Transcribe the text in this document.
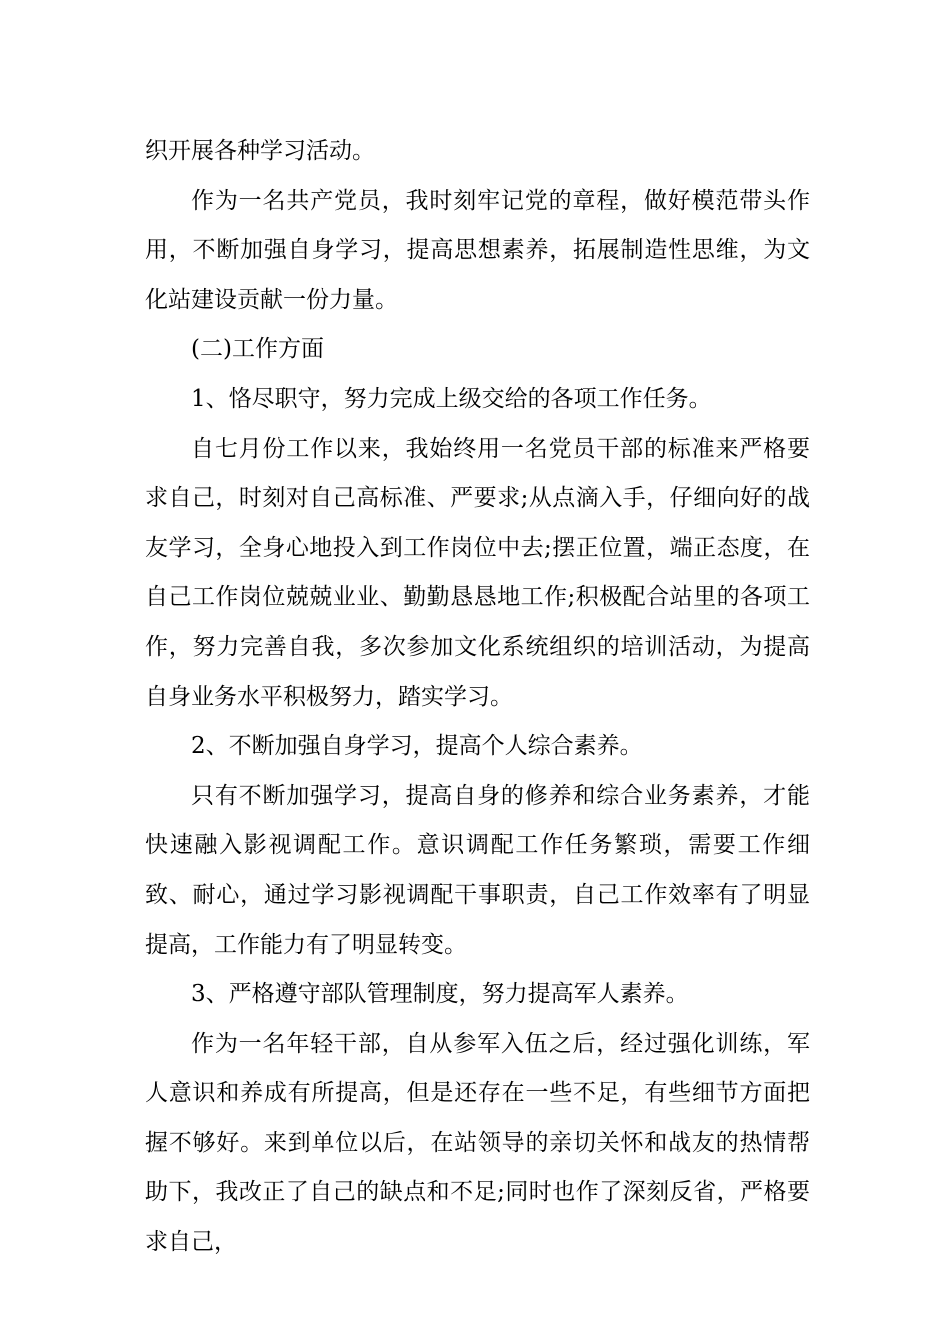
织开展各种学习活动。

作为一名共产党员，我时刻牢记党的章程，做好模范带头作用，不断加强自身学习，提高思想素养，拓展制造性思维，为文化站建设贡献一份力量。

(二)工作方面

1、恪尽职守，努力完成上级交给的各项工作任务。

自七月份工作以来，我始终用一名党员干部的标准来严格要求自己，时刻对自己高标准、严要求;从点滴入手，仔细向好的战友学习，全身心地投入到工作岗位中去;摆正位置，端正态度，在自己工作岗位兢兢业业、勤勤恳恳地工作;积极配合站里的各项工作，努力完善自我，多次参加文化系统组织的培训活动，为提高自身业务水平积极努力，踏实学习。

2、不断加强自身学习，提高个人综合素养。

只有不断加强学习，提高自身的修养和综合业务素养，才能快速融入影视调配工作。意识调配工作任务繁琐，需要工作细致、耐心，通过学习影视调配干事职责，自己工作效率有了明显提高，工作能力有了明显转变。

3、严格遵守部队管理制度，努力提高军人素养。

作为一名年轻干部，自从参军入伍之后，经过强化训练，军人意识和养成有所提高，但是还存在一些不足，有些细节方面把握不够好。来到单位以后，在站领导的亲切关怀和战友的热情帮助下，我改正了自己的缺点和不足;同时也作了深刻反省，严格要求自己，
